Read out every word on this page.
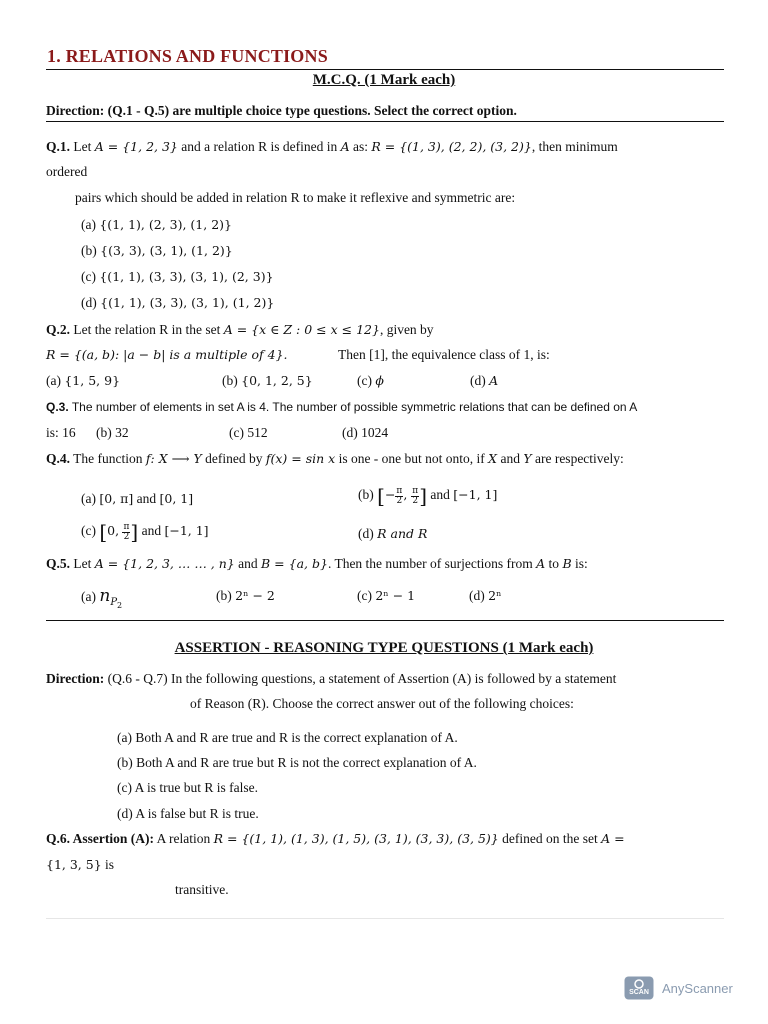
1. RELATIONS AND FUNCTIONS
M.C.Q. (1 Mark each)
Direction: (Q.1 - Q.5) are multiple choice type questions. Select the correct option.
Q.1. Let A = {1, 2, 3} and a relation R is defined in A as: R = {(1, 3), (2, 2), (3, 2)}, then minimum
ordered
pairs which should be added in relation R to make it reflexive and symmetric are:
(a) {(1, 1), (2, 3), (1, 2)}
(b) {(3, 3), (3, 1), (1, 2)}
(c) {(1, 1), (3, 3), (3, 1), (2, 3)}
(d) {(1, 1), (3, 3), (3, 1), (1, 2)}
Q.2. Let the relation R in the set A = {x ∈ Z : 0 ≤ x ≤ 12}, given by
R = {(a, b): |a − b| is a multiple of 4}.	Then [1], the equivalence class of 1, is:
(a) {1, 5, 9}	(b) {0, 1, 2, 5}	(c) ϕ	(d) A
Q.3. The number of elements in set A is 4. The number of possible symmetric relations that can be defined on A
is: 16 (b) 32	(c) 512	(d) 1024
Q.4. The function f: X ⟶ Y defined by f(x) = sin x is one - one but not onto, if X and Y are respectively:
(a) [0, π] and [0, 1]	(b) [− $\frac{\pi}{2}$ , $\frac{\pi}{2}$ ] and [−1, 1]
(c) [0, $\frac{\pi}{2}$ ] and [−1, 1]	(d) R and R
Q.5. Let A = {1, 2, 3, … … , n} and B = {a, b}. Then the number of surjections from A to B is:
(a) $n_{P2}$
(b) 2ⁿ − 2	(c) 2ⁿ − 1	(d) 2ⁿ
ASSERTION - REASONING TYPE QUESTIONS (1 Mark each)
Direction: (Q.6 - Q.7) In the following questions, a statement of Assertion (A) is followed by a statement
of Reason (R). Choose the correct answer out of the following choices:
(a) Both A and R are true and R is the correct explanation of A.
(b) Both A and R are true but R is not the correct explanation of A.
(c) A is true but R is false.
(d) A is false but R is true.
Q.6. Assertion (A): A relation R = {(1, 1), (1, 3), (1, 5), (3, 1), (3, 3), (3, 5)} defined on the set A =
{1, 3, 5} is
transitive.
SCAN	AnyScanner
